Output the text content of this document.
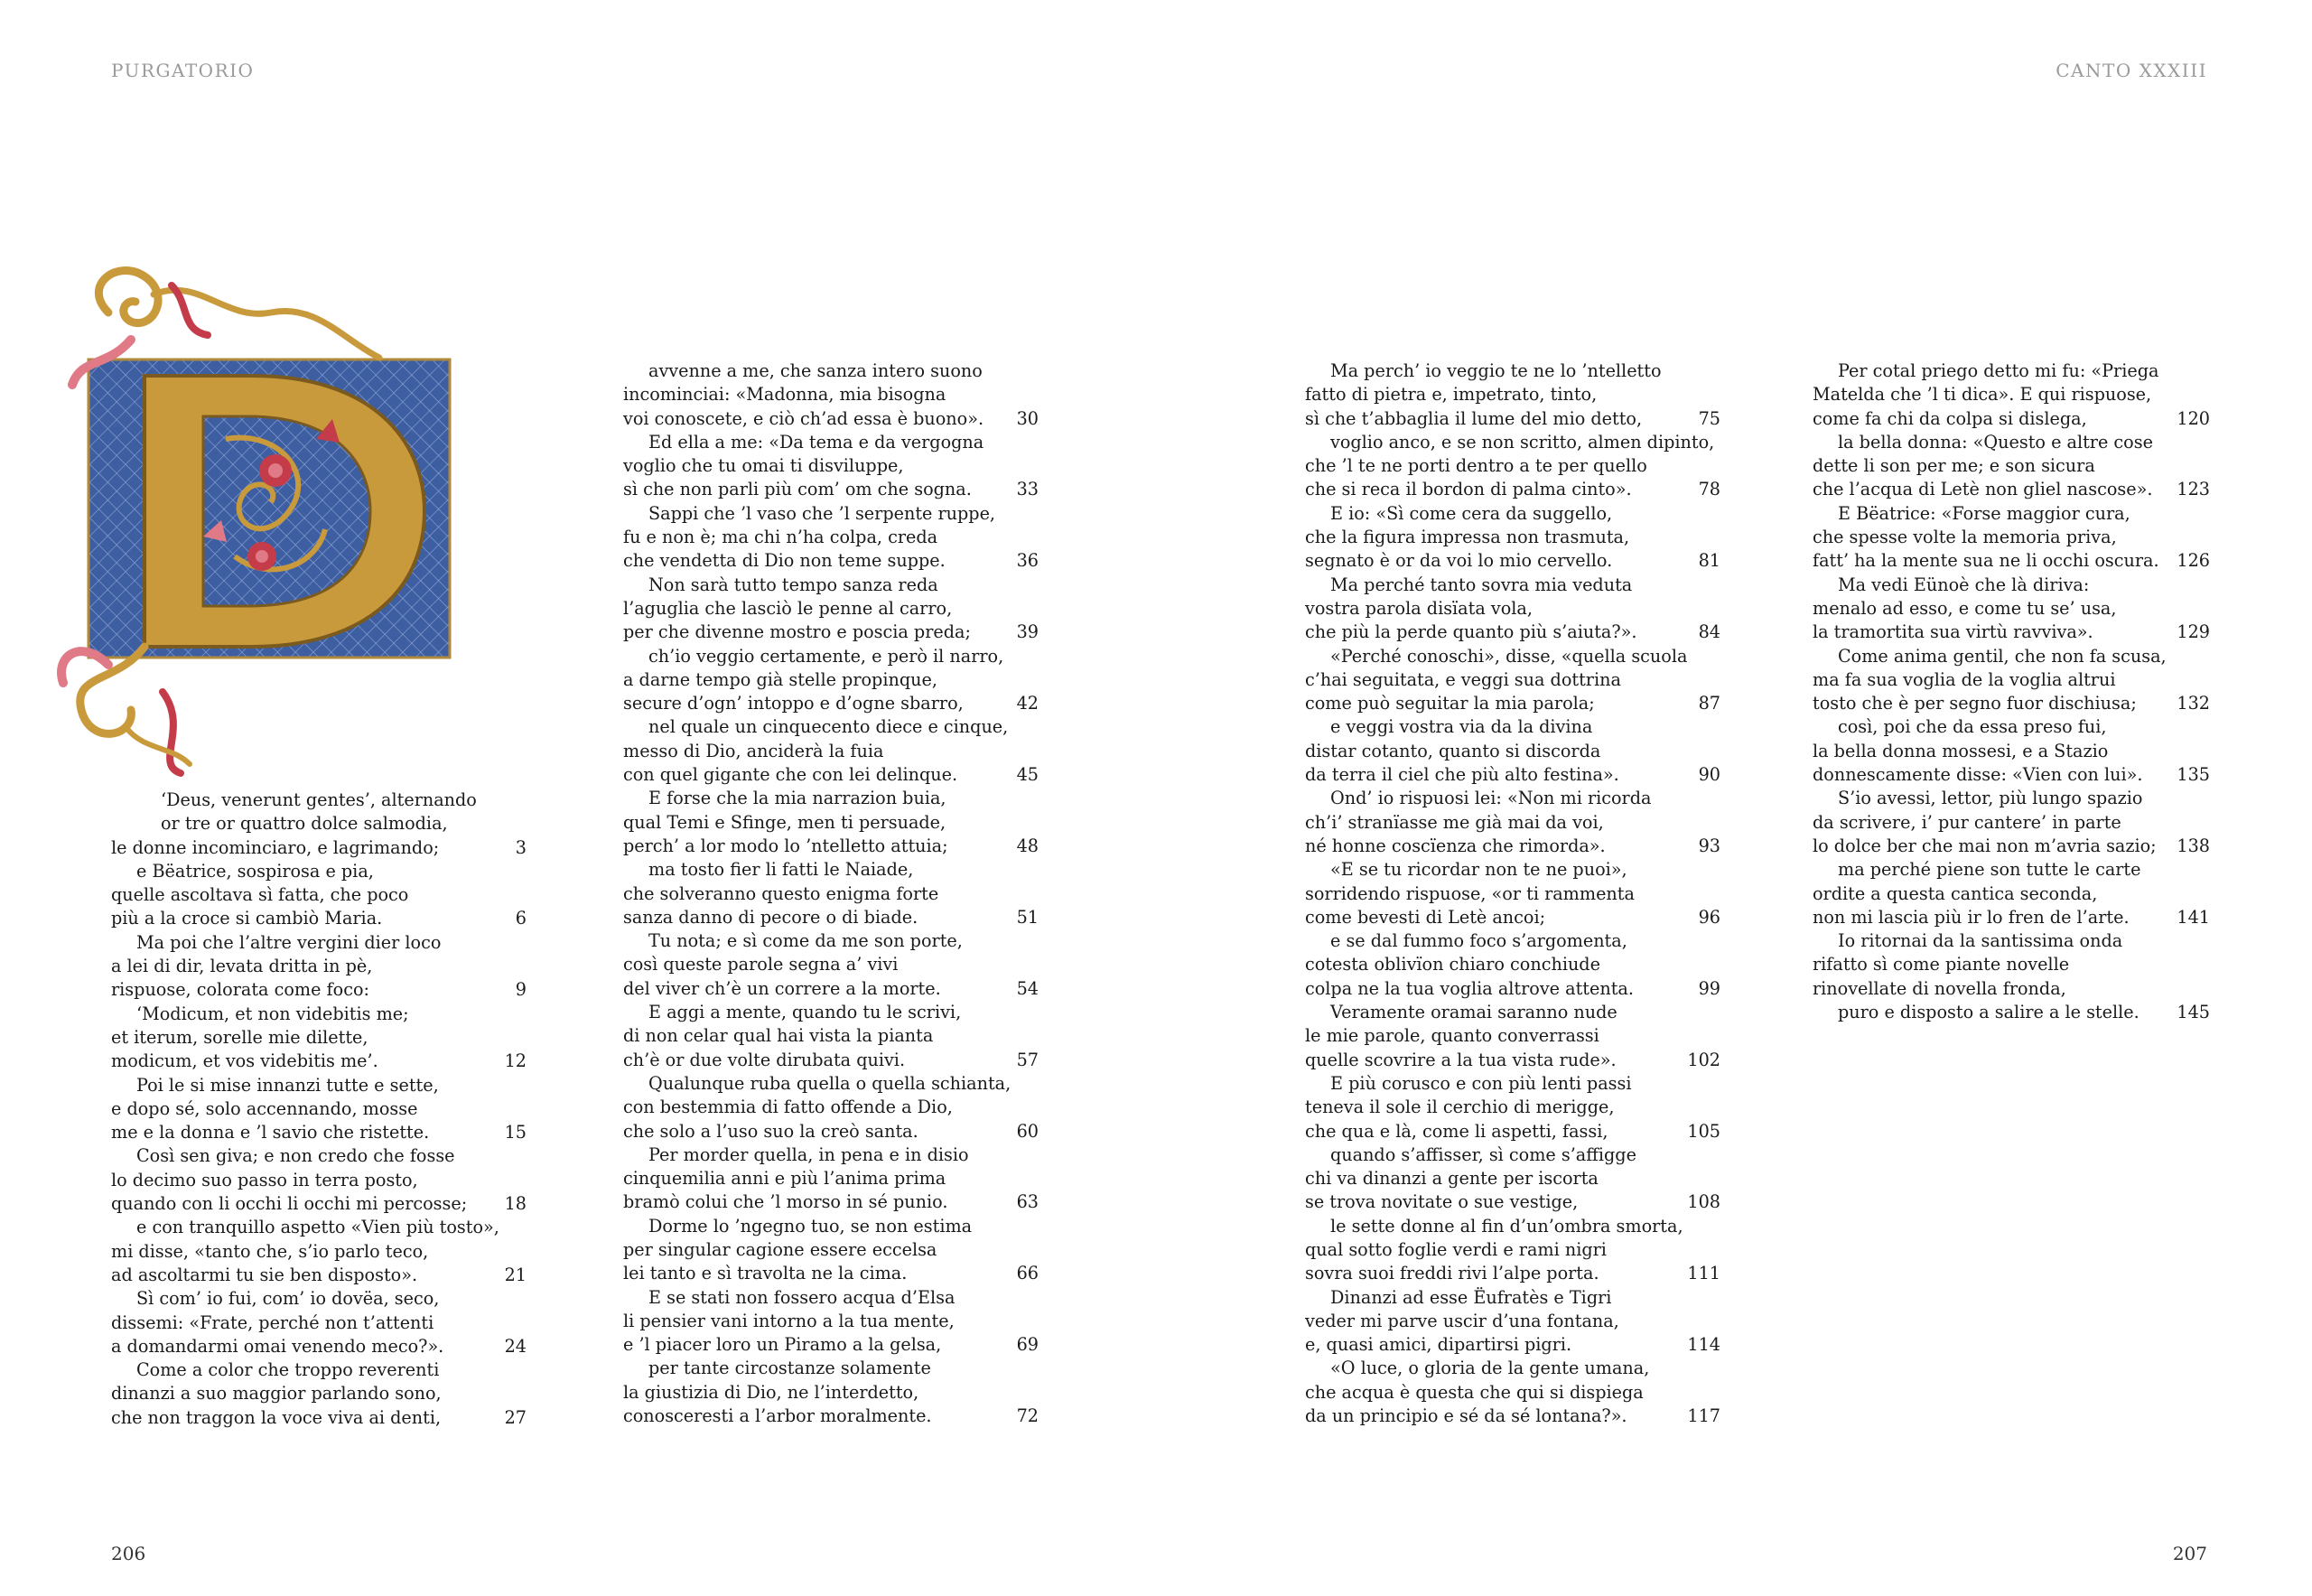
PURGATORIO
‘Deus, venerunt gentes’, alternando
or tre or quattro dolce salmodia,
le donne incominciaro, e lagrimando;	3
e Bëatrice, sospirosa e pia,
quelle ascoltava sì fatta, che poco
più a la croce si cambiò Maria.	6
Ma poi che l’altre vergini dier loco
a lei di dir, levata dritta in pè,
rispuose, colorata come foco:	9
‘Modicum, et non videbitis me;
et iterum, sorelle mie dilette,
modicum, et vos videbitis me’.	12
Poi le si mise innanzi tutte e sette,
e dopo sé, solo accennando, mosse
me e la donna e ’l savio che ristette.	15
Così sen giva; e non credo che fosse
lo decimo suo passo in terra posto,
quando con li occhi li occhi mi percosse; 18
e con tranquillo aspetto «Vien più tosto»,
mi disse, «tanto che, s’io parlo teco,
ad ascoltarmi tu sie ben disposto».	21
Sì com’ io fui, com’ io dovëa, seco,
dissemi: «Frate, perché non t’attenti
a domandarmi omai venendo meco?».	24
Come a color che troppo reverenti
dinanzi a suo maggior parlando sono,
che non traggon la voce viva ai denti,	27
avvenne a me, che sanza intero suono
incominciai: «Madonna, mia bisogna
voi conoscete, e ciò ch’ad essa è buono». 30
Ed ella a me: «Da tema e da vergogna
voglio che tu omai ti disviluppe,
sì che non parli più com’ om che sogna.	33
Sappi che ’l vaso che ’l serpente ruppe,
fu e non è; ma chi n’ha colpa, creda
che vendetta di Dio non teme suppe.	36
Non sarà tutto tempo sanza reda
l’aguglia che lasciò le penne al carro,
per che divenne mostro e poscia preda;	39
ch’io veggio certamente, e però il narro,
a darne tempo già stelle propinque,
secure d’ogn’ intoppo e d’ogne sbarro,	42
nel quale un cinquecento diece e cinque,
messo di Dio, anciderà la fuia
con quel gigante che con lei delinque.	45
E forse che la mia narrazion buia,
qual Temi e Sfinge, men ti persuade,
perch’ a lor modo lo ’ntelletto attuia;	48
ma tosto fier li fatti le Naiade,
che solveranno questo enigma forte
sanza danno di pecore o di biade.	51
Tu nota; e sì come da me son porte,
così queste parole segna a’ vivi
del viver ch’è un correre a la morte.	54
E aggi a mente, quando tu le scrivi,
di non celar qual hai vista la pianta
ch’è or due volte dirubata quivi.	57
Qualunque ruba quella o quella schianta,
con bestemmia di fatto offende a Dio,
che solo a l’uso suo la creò santa.	60
Per morder quella, in pena e in disio
cinquemilia anni e più l’anima prima
bramò colui che ’l morso in sé punio.	63
Dorme lo ’ngegno tuo, se non estima
per singular cagione essere eccelsa
lei tanto e sì travolta ne la cima.	66
E se stati non fossero acqua d’Elsa
li pensier vani intorno a la tua mente,
e ’l piacer loro un Piramo a la gelsa,	69
per tante circostanze solamente
la giustizia di Dio, ne l’interdetto,
conosceresti a l’arbor moralmente.	72
206
CANTO XXXIII
Ma perch’ io veggio te ne lo ’ntelletto
fatto di pietra e, impetrato, tinto,
sì che t’abbaglia il lume del mio detto,	75
voglio anco, e se non scritto, almen dipinto,
che ’l te ne porti dentro a te per quello
che si reca il bordon di palma cinto».	78
E io: «Sì come cera da suggello,
che la figura impressa non trasmuta,
segnato è or da voi lo mio cervello.	81
Ma perché tanto sovra mia veduta
vostra parola disïata vola,
che più la perde quanto più s’aiuta?».	84
«Perché conoschi», disse, «quella scuola
c’hai seguitata, e veggi sua dottrina
come può seguitar la mia parola;	87
e veggi vostra via da la divina
distar cotanto, quanto si discorda
da terra il ciel che più alto festina».	90
Ond’ io rispuosi lei: «Non mi ricorda
ch’i’ stranïasse me già mai da voi,
né honne coscïenza che rimorda».	93
«E se tu ricordar non te ne puoi»,
sorridendo rispuose, «or ti rammenta
come bevesti di Letè ancoi;	96
e se dal fummo foco s’argomenta,
cotesta oblivïon chiaro conchiude
colpa ne la tua voglia altrove attenta.	99
Veramente oramai saranno nude
le mie parole, quanto converrassi
quelle scovrire a la tua vista rude».	102
E più corusco e con più lenti passi
teneva il sole il cerchio di merigge,
che qua e là, come li aspetti, fassi,	105
quando s’affisser, sì come s’affigge
chi va dinanzi a gente per iscorta
se trova novitate o sue vestige,	108
le sette donne al fin d’un’ombra smorta,
qual sotto foglie verdi e rami nigri
sovra suoi freddi rivi l’alpe porta.	111
Dinanzi ad esse Ëufratès e Tigri
veder mi parve uscir d’una fontana,
e, quasi amici, dipartirsi pigri.	114
«O luce, o gloria de la gente umana,
che acqua è questa che qui si dispiega
da un principio e sé da sé lontana?».	117
Per cotal priego detto mi fu: «Priega
Matelda che ’l ti dica». E qui rispuose,
come fa chi da colpa si dislega,	120
la bella donna: «Questo e altre cose
dette li son per me; e son sicura
che l’acqua di Letè non gliel nascose». 123
E Bëatrice: «Forse maggior cura,
che spesse volte la memoria priva,
fatt’ ha la mente sua ne li occhi oscura. 126
Ma vedi Eünoè che là diriva:
menalo ad esso, e come tu se’ usa,
la tramortita sua virtù ravviva».	129
Come anima gentil, che non fa scusa,
ma fa sua voglia de la voglia altrui
tosto che è per segno fuor dischiusa; 132
così, poi che da essa preso fui,
la bella donna mossesi, e a Stazio
donnescamente disse: «Vien con lui». 135
S’io avessi, lettor, più lungo spazio
da scrivere, i’ pur cantere’ in parte
lo dolce ber che mai non m’avria sazio; 138
ma perché piene son tutte le carte
ordite a questa cantica seconda,
non mi lascia più ir lo fren de l’arte.	141
Io ritornai da la santissima onda
rifatto sì come piante novelle
rinovellate di novella fronda,
puro e disposto a salire a le stelle. 145
207
